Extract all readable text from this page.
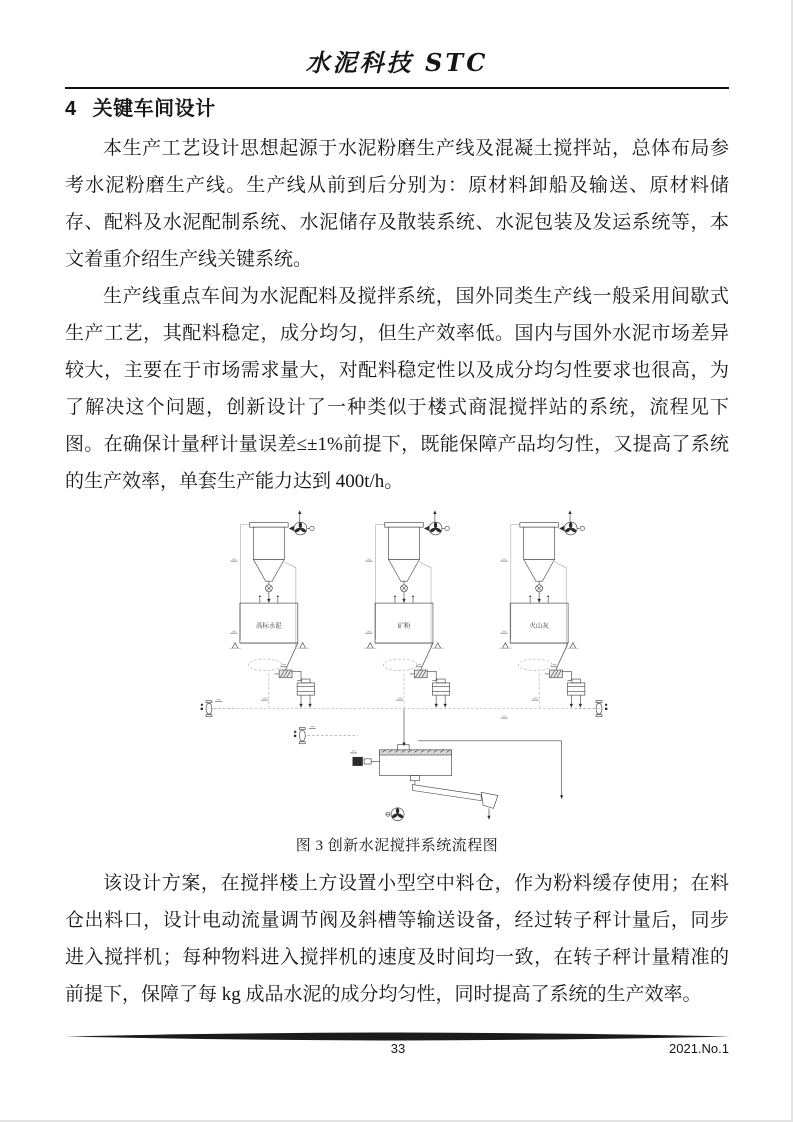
水泥科技 STC
4 关键车间设计

本生产工艺设计思想起源于水泥粉磨生产线及混凝土搅拌站，总体布局参考水泥粉磨生产线。生产线从前到后分别为：原材料卸船及输送、原材料储存、配料及水泥配制系统、水泥储存及散装系统、水泥包装及发运系统等，本文着重介绍生产线关键系统。

生产线重点车间为水泥配料及搅拌系统，国外同类生产线一般采用间歇式生产工艺，其配料稳定，成分均匀，但生产效率低。国内与国外水泥市场差异较大，主要在于市场需求量大，对配料稳定性以及成分均匀性要求也很高，为了解决这个问题，创新设计了一种类似于楼式商混搅拌站的系统，流程见下图。在确保计量秤计量误差≤±1%前提下，既能保障产品均匀性，又提高了系统的生产效率，单套生产能力达到 400t/h。

高标水泥	矿粉	火山灰
图 3 创新水泥搅拌系统流程图

该设计方案，在搅拌楼上方设置小型空中料仓，作为粉料缓存使用；在料仓出料口，设计电动流量调节阀及斜槽等输送设备，经过转子秤计量后，同步进入搅拌机；每种物料进入搅拌机的速度及时间均一致，在转子秤计量精准的前提下，保障了每 kg 成品水泥的成分均匀性，同时提高了系统的生产效率。

33	2021.No.1
